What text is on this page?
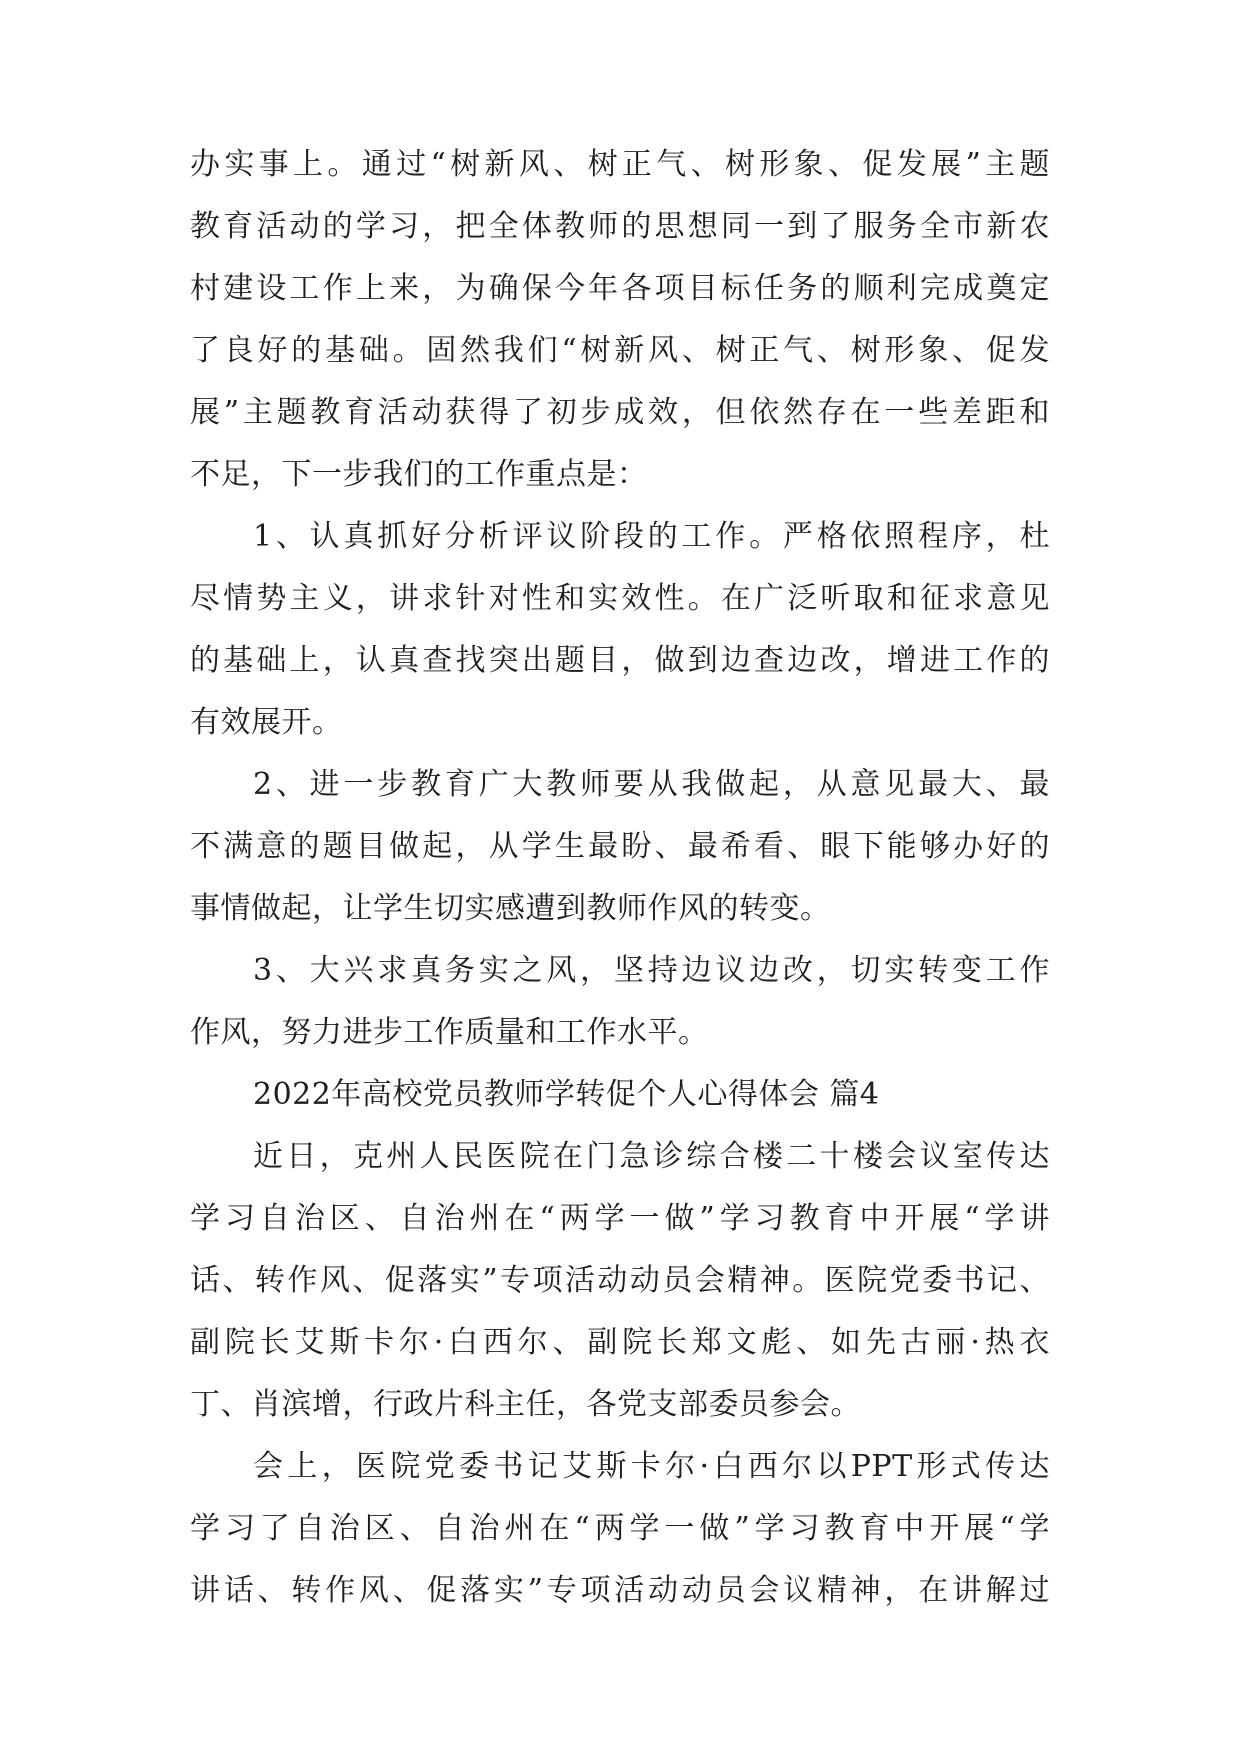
办实事上。通过“树新风、树正气、树形象、促发展”主题
教育活动的学习，把全体教师的思想同一到了服务全市新农
村建设工作上来，为确保今年各项目标任务的顺利完成奠定
了良好的基础。固然我们“树新风、树正气、树形象、促发
展”主题教育活动获得了初步成效，但依然存在一些差距和
不足，下一步我们的工作重点是：
1、认真抓好分析评议阶段的工作。严格依照程序，杜
尽情势主义，讲求针对性和实效性。在广泛听取和征求意见
的基础上，认真查找突出题目，做到边查边改，增进工作的
有效展开。
2、进一步教育广大教师要从我做起，从意见最大、最
不满意的题目做起，从学生最盼、最希看、眼下能够办好的
事情做起，让学生切实感遭到教师作风的转变。
3、大兴求真务实之风，坚持边议边改，切实转变工作
作风，努力进步工作质量和工作水平。
2022年高校党员教师学转促个人心得体会 篇4
近日，克州人民医院在门急诊综合楼二十楼会议室传达
学习自治区、自治州在“两学一做”学习教育中开展“学讲
话、转作风、促落实”专项活动动员会精神。医院党委书记、
副院长艾斯卡尔·白西尔、副院长郑文彪、如先古丽·热衣
丁、肖滨增，行政片科主任，各党支部委员参会。
会上，医院党委书记艾斯卡尔·白西尔以PPT形式传达
学习了自治区、自治州在“两学一做”学习教育中开展“学
讲话、转作风、促落实”专项活动动员会议精神，在讲解过
